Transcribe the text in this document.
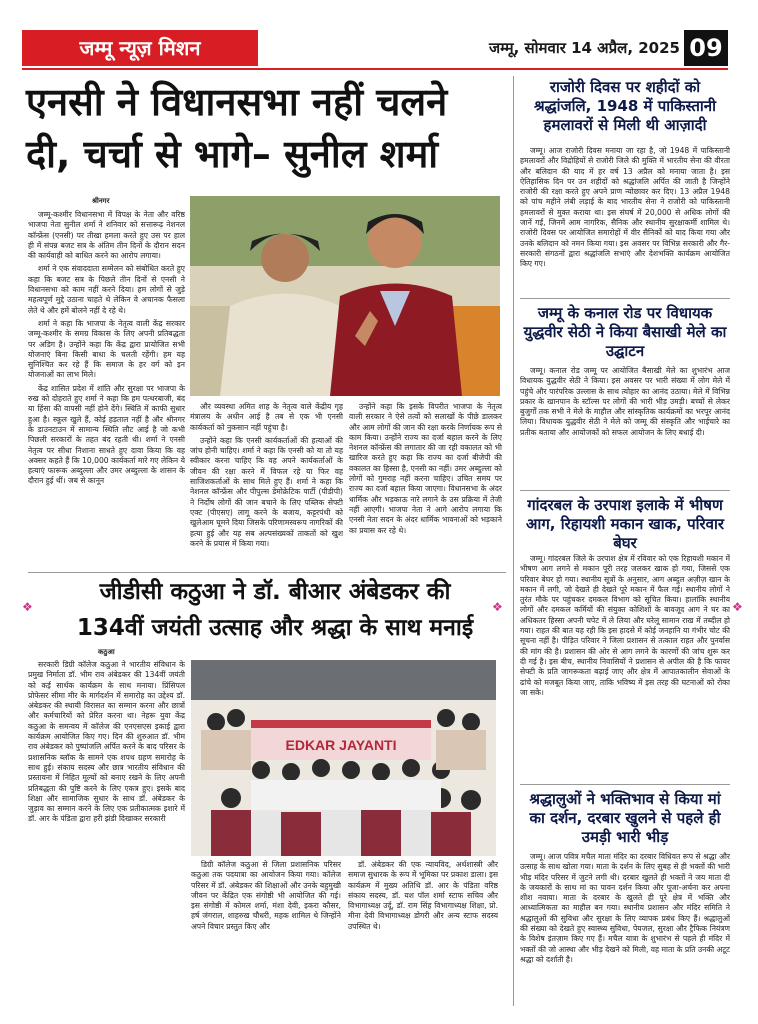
जम्मू न्यूज़ मिशन	जम्मू, सोमवार 14 अप्रैल, 2025 09
एनसी ने विधानसभा नहीं चलने
दी, चर्चा से भागे– सुनील शर्मा
श्रीनगर

जम्मू-कश्मीर विधानसभा में विपक्ष के नेता और वरिष्ठ भाजपा नेता सुनील शर्मा ने शनिवार को सत्तारूढ़ नेशनल कॉन्फ्रेंस (एनसी) पर तीखा हमला करते हुए उस पर हाल ही में संपन्न बजट सत्र के अंतिम तीन दिनों के दौरान सदन की कार्यवाही को बाधित करने का आरोप लगाया।

शर्मा ने एक संवाददाता सम्मेलन को संबोधित करते हुए कहा कि बजट सत्र के पिछले तीन दिनों से एनसी ने विधानसभा को काम नहीं करने दिया। हम लोगों से जुड़े महत्वपूर्ण मुद्दे उठाना चाहते थे लेकिन वे अचानक फैसला लेते थे और हमें बोलने नहीं दे रहे थे।

शर्मा ने कहा कि भाजपा के नेतृत्व वाली केंद्र सरकार जम्मू-कश्मीर के समग्र विकास के लिए अपनी प्रतिबद्धता पर अडिग है। उन्होंने कहा कि केंद्र द्वारा प्रायोजित सभी योजनाएं बिना किसी बाधा के चलती रहेंगी। हम यह सुनिश्चित कर रहे हैं कि समाज के हर वर्ग को इन योजनाओं का लाभ मिले।

केंद्र शासित प्रदेश में शांति और सुरक्षा पर भाजपा के रुख को दोहराते हुए शर्मा ने कहा कि हम पत्थरबाजी, बंद या हिंसा की वापसी नहीं होने देंगे। स्थिति में काफी सुधार हुआ है। स्कूल खुले हैं, कोई हड़ताल नहीं है और श्रीनगर के डाउनटाउन में सामान्य स्थिति लौट आई है जो कभी पिछली सरकारों के तहत बंद रहती थी। शर्मा ने एनसी नेतृत्व पर सीधा निशाना साधते हुए दावा किया कि वह अक्सर कहते हैं कि 10,000 कार्यकर्ता मारे गए लेकिन ये हत्याएं फारूक अब्दुल्ला और उमर अब्दुल्ला के शासन के दौरान हुई थीं। जब से कानून

और व्यवस्था अमित शाह के नेतृत्व वाले केंद्रीय गृह मंत्रालय के अधीन आई है तब से एक भी एनसी कार्यकर्ता को नुकसान नहीं पहुंचा है।

उन्होंने कहा कि एनसी कार्यकर्ताओं की हत्याओं की जांच होनी चाहिए। शर्मा ने कहा कि एनसी को या तो यह स्वीकार करना चाहिए कि वह अपने कार्यकर्ताओं के जीवन की रक्षा करने में विफल रहे या फिर वह साजिशकर्ताओं के साथ मिले हुए हैं। शर्मा ने कहा कि नेशनल कॉन्फ्रेंस और पीपुल्स डेमोक्रेटिक पार्टी (पीडीपी) ने निर्दोष लोगों की जान बचाने के लिए पब्लिक सेफ्टी एक्ट (पीएसए) लागू करने के बजाय, कट्टरपंथी को खुलेआम घूमने दिया जिसके परिणामस्वरूप नागरिकों की हत्या हुई और यह सब अल्पसंख्यकों ताकतों को खुश करने के प्रयास में किया गया।

उन्होंने कहा कि इसके विपरीत भाजपा के नेतृत्व वाली सरकार ने ऐसे तत्वों को सलाखों के पीछे डालकर और आम लोगों की जान की रक्षा करके निर्णायक रूप से काम किया। उन्होंने राज्य का दर्जा बहाल करने के लिए नेशनल कॉन्फ्रेंस की लगातार की जा रही वकालत को भी खारिज करते हुए कहा कि राज्य का दर्जा बीजेपी की वकालत का हिस्सा है, एनसी का नहीं। उमर अब्दुल्ला को लोगों को गुमराह नहीं करना चाहिए। उचित समय पर राज्य का दर्जा बहाल किया जाएगा। विधानसभा के अंदर धार्मिक और भड़काऊ नारे लगाने के उस प्रक्रिया में तेजी नहीं आएगी। भाजपा नेता ने आगे आरोप लगाया कि एनसी नेता सदन के अंदर धार्मिक भावनाओं को भड़काने का प्रयास कर रहे थे।

राजोरी दिवस पर शहीदों को श्रद्धांजलि, 1948 में पाकिस्तानी हमलावरों से मिली थी आज़ादी

जम्मू। आज राजोरी दिवस मनाया जा रहा है, जो 1948 में पाकिस्तानी हमलावरों और विद्रोहियों से राजोरी जिले की मुक्ति में भारतीय सेना की वीरता और बलिदान की याद में हर वर्ष 13 अप्रैल को मनाया जाता है। इस ऐतिहासिक दिन पर उन शहीदों को श्रद्धांजलि अर्पित की जाती है जिन्होंने राजोरी की रक्षा करते हुए अपने प्राण न्योछावर कर दिए। 13 अप्रैल 1948 को पांच महीने लंबी लड़ाई के बाद भारतीय सेना ने राजोरी को पाकिस्तानी हमलावरों से मुक्त कराया था। इस संघर्ष में 20,000 से अधिक लोगों की जानें गईं, जिनमें आम नागरिक, सैनिक और स्थानीय सुरक्षाकर्मी शामिल थे। राजोरी दिवस पर आयोजित समारोहों में वीर सैनिकों को याद किया गया और उनके बलिदान को नमन किया गया। इस अवसर पर विभिन्न सरकारी और गैर-सरकारी संगठनों द्वारा श्रद्धांजलि सभाएं और देशभक्ति कार्यक्रम आयोजित किए गए।

जम्मू के कनाल रोड पर विधायक युद्धवीर सेठी ने किया बैसाखी मेले का उद्घाटन

जम्मू। कनाल रोड जम्मू पर आयोजित बैसाखी मेले का शुभारंभ आज विधायक युद्धवीर सेठी ने किया। इस अवसर पर भारी संख्या में लोग मेले में पहुंचे और पारंपरिक उल्लास के साथ त्योहार का आनंद उठाया। मेले में विभिन्न प्रकार के खानपान के स्टॉल्स पर लोगों की भारी भीड़ उमड़ी। बच्चों से लेकर बुजुर्गों तक सभी ने मेले के माहौल और सांस्कृतिक कार्यक्रमों का भरपूर आनंद लिया। विधायक युद्धवीर सेठी ने मेले को जम्मू की संस्कृति और भाईचारे का प्रतीक बताया और आयोजकों को सफल आयोजन के लिए बधाई दी।

गांदरबल के उरपाश इलाके में भीषण आग, रिहायशी मकान खाक, परिवार बेघर

जम्मू। गांदरबल जिले के उरपाश क्षेत्र में रविवार को एक रिहायशी मकान में भीषण आग लगने से मकान पूरी तरह जलकर खाक हो गया, जिससे एक परिवार बेघर हो गया। स्थानीय सूत्रों के अनुसार, आग अब्दुल अज़ीज़ खान के मकान में लगी, जो देखते ही देखते पूरे मकान में फैल गई। स्थानीय लोगों ने तुरंत मौके पर पहुंचकर दमकल विभाग को सूचित किया। हालांकि स्थानीय लोगों और दमकल कर्मियों की संयुक्त कोशिशों के बावजूद आग ने घर का अधिकतर हिस्सा अपनी चपेट में ले लिया और घरेलू सामान राख में तब्दील हो गया। राहत की बात यह रही कि इस हादसे में कोई जनहानि या गंभीर चोट की सूचना नहीं है। पीड़ित परिवार ने जिला प्रशासन से तत्काल राहत और पुनर्वास की मांग की है। प्रशासन की ओर से आग लगने के कारणों की जांच शुरू कर दी गई है। इस बीच, स्थानीय निवासियों ने प्रशासन से अपील की है कि फायर सेफ्टी के प्रति जागरूकता बढ़ाई जाए और क्षेत्र में आपातकालीन सेवाओं के ढांचे को मजबूत किया जाए, ताकि भविष्य में इस तरह की घटनाओं को रोका जा सके।

श्रद्धालुओं ने भक्तिभाव से किया मां का दर्शन, दरबार खुलने से पहले ही उमड़ी भारी भीड़

जम्मू। आज पवित्र मचैल माता मंदिर का दरबार विधिवत रूप से श्रद्धा और उत्साह के साथ खोला गया। माता के दर्शन के लिए सुबह से ही भक्तों की भारी भीड़ मंदिर परिसर में जुटने लगी थी। दरबार खुलते ही भक्तों ने जय माता दी के जयकारों के साथ मां का पावन दर्शन किया और पूजा-अर्चना कर अपना शीश नवाया। माता के दरबार के खुलते ही पूरे क्षेत्र में भक्ति और आध्यात्मिकता का माहौल बन गया। स्थानीय प्रशासन और मंदिर समिति ने श्रद्धालुओं की सुविधा और सुरक्षा के लिए व्यापक प्रबंध किए हैं। श्रद्धालुओं की संख्या को देखते हुए स्वास्थ्य सुविधा, पेयजल, सुरक्षा और ट्रैफिक नियंत्रण के विशेष इंतज़ाम किए गए हैं। मचैल यात्रा के शुभारंभ से पहले ही मंदिर में भक्तों की जो आस्था और भीड़ देखने को मिली, वह माता के प्रति उनकी अटूट श्रद्धा को दर्शाती है।

❖	❖	❖
जीडीसी कठुआ ने डॉ. बीआर अंबेडकर की
134वीं जयंती उत्साह और श्रद्धा के साथ मनाई
कठुआ
EDKAR JAYANTI

सरकारी डिग्री कॉलेज कठुआ ने भारतीय संविधान के प्रमुख निर्माता डॉ. भीम राव अंबेडकर की 134वीं जयंती को कई सार्थक कार्यक्रम के साथ मनाया। प्रिंसिपल प्रोफेसर सीमा मीर के मार्गदर्शन में समारोह का उद्देश्य डॉ. अंबेडकर की स्थायी विरासत का सम्मान करना और छात्रों और कर्मचारियों को प्रेरित करना था। नेहरू युवा केंद्र कठुआ के समन्वय में कॉलेज की एनएसएस इकाई द्वारा कार्यक्रम आयोजित किए गए। दिन की शुरुआत डॉ. भीम राव अंबेडकर को पुष्पांजलि अर्पित करने के बाद परिसर के प्रशासनिक ब्लॉक के सामने एक शपथ ग्रहण समारोह के साथ हुई। संकाय सदस्य और छात्र भारतीय संविधान की प्रस्तावना में निहित मूल्यों को बनाए रखने के लिए अपनी प्रतिबद्धता की पुष्टि करने के लिए एकत्र हुए। इसके बाद शिक्षा और सामाजिक सुधार के साथ डॉ. अंबेडकर के जुड़ाव का सम्मान करने के लिए एक प्रतीकात्मक इशारे में डॉ. आर के पंडिता द्वारा हरी झंडी दिखाकर सरकारी

डिग्री कॉलेज कठुआ से जिला प्रशासनिक परिसर कठुआ तक पदयात्रा का आयोजन किया गया। कॉलेज परिसर में डॉ. अंबेडकर की शिक्षाओं और उनके बहुमुखी जीवन पर केंद्रित एक संगोष्ठी भी आयोजित की गई। इस संगोष्ठी में कोमल शर्मा, मंशा देवी, इकरा कौसर, हर्ष जंगराल, शाहरुख चौधरी, महक शामिल थे जिन्होंने अपने विचार प्रस्तुत किए और

डॉ. अंबेडकर की एक न्यायविद, अर्थशास्त्री और समाज सुधारक के रूप में भूमिका पर प्रकाश डाला। इस कार्यक्रम में मुख्य अतिथि डॉ. आर के पंडिता वरिष्ठ संकाय सदस्य, डॉ. यश पॉल शर्मा स्टाफ सचिव और विभागाध्यक्ष उर्दू, डॉ. राम सिंह विभागाध्यक्ष शिक्षा, प्रो. मीना देवी विभागाध्यक्ष डोगरी और अन्य स्टाफ सदस्य उपस्थित थे।
